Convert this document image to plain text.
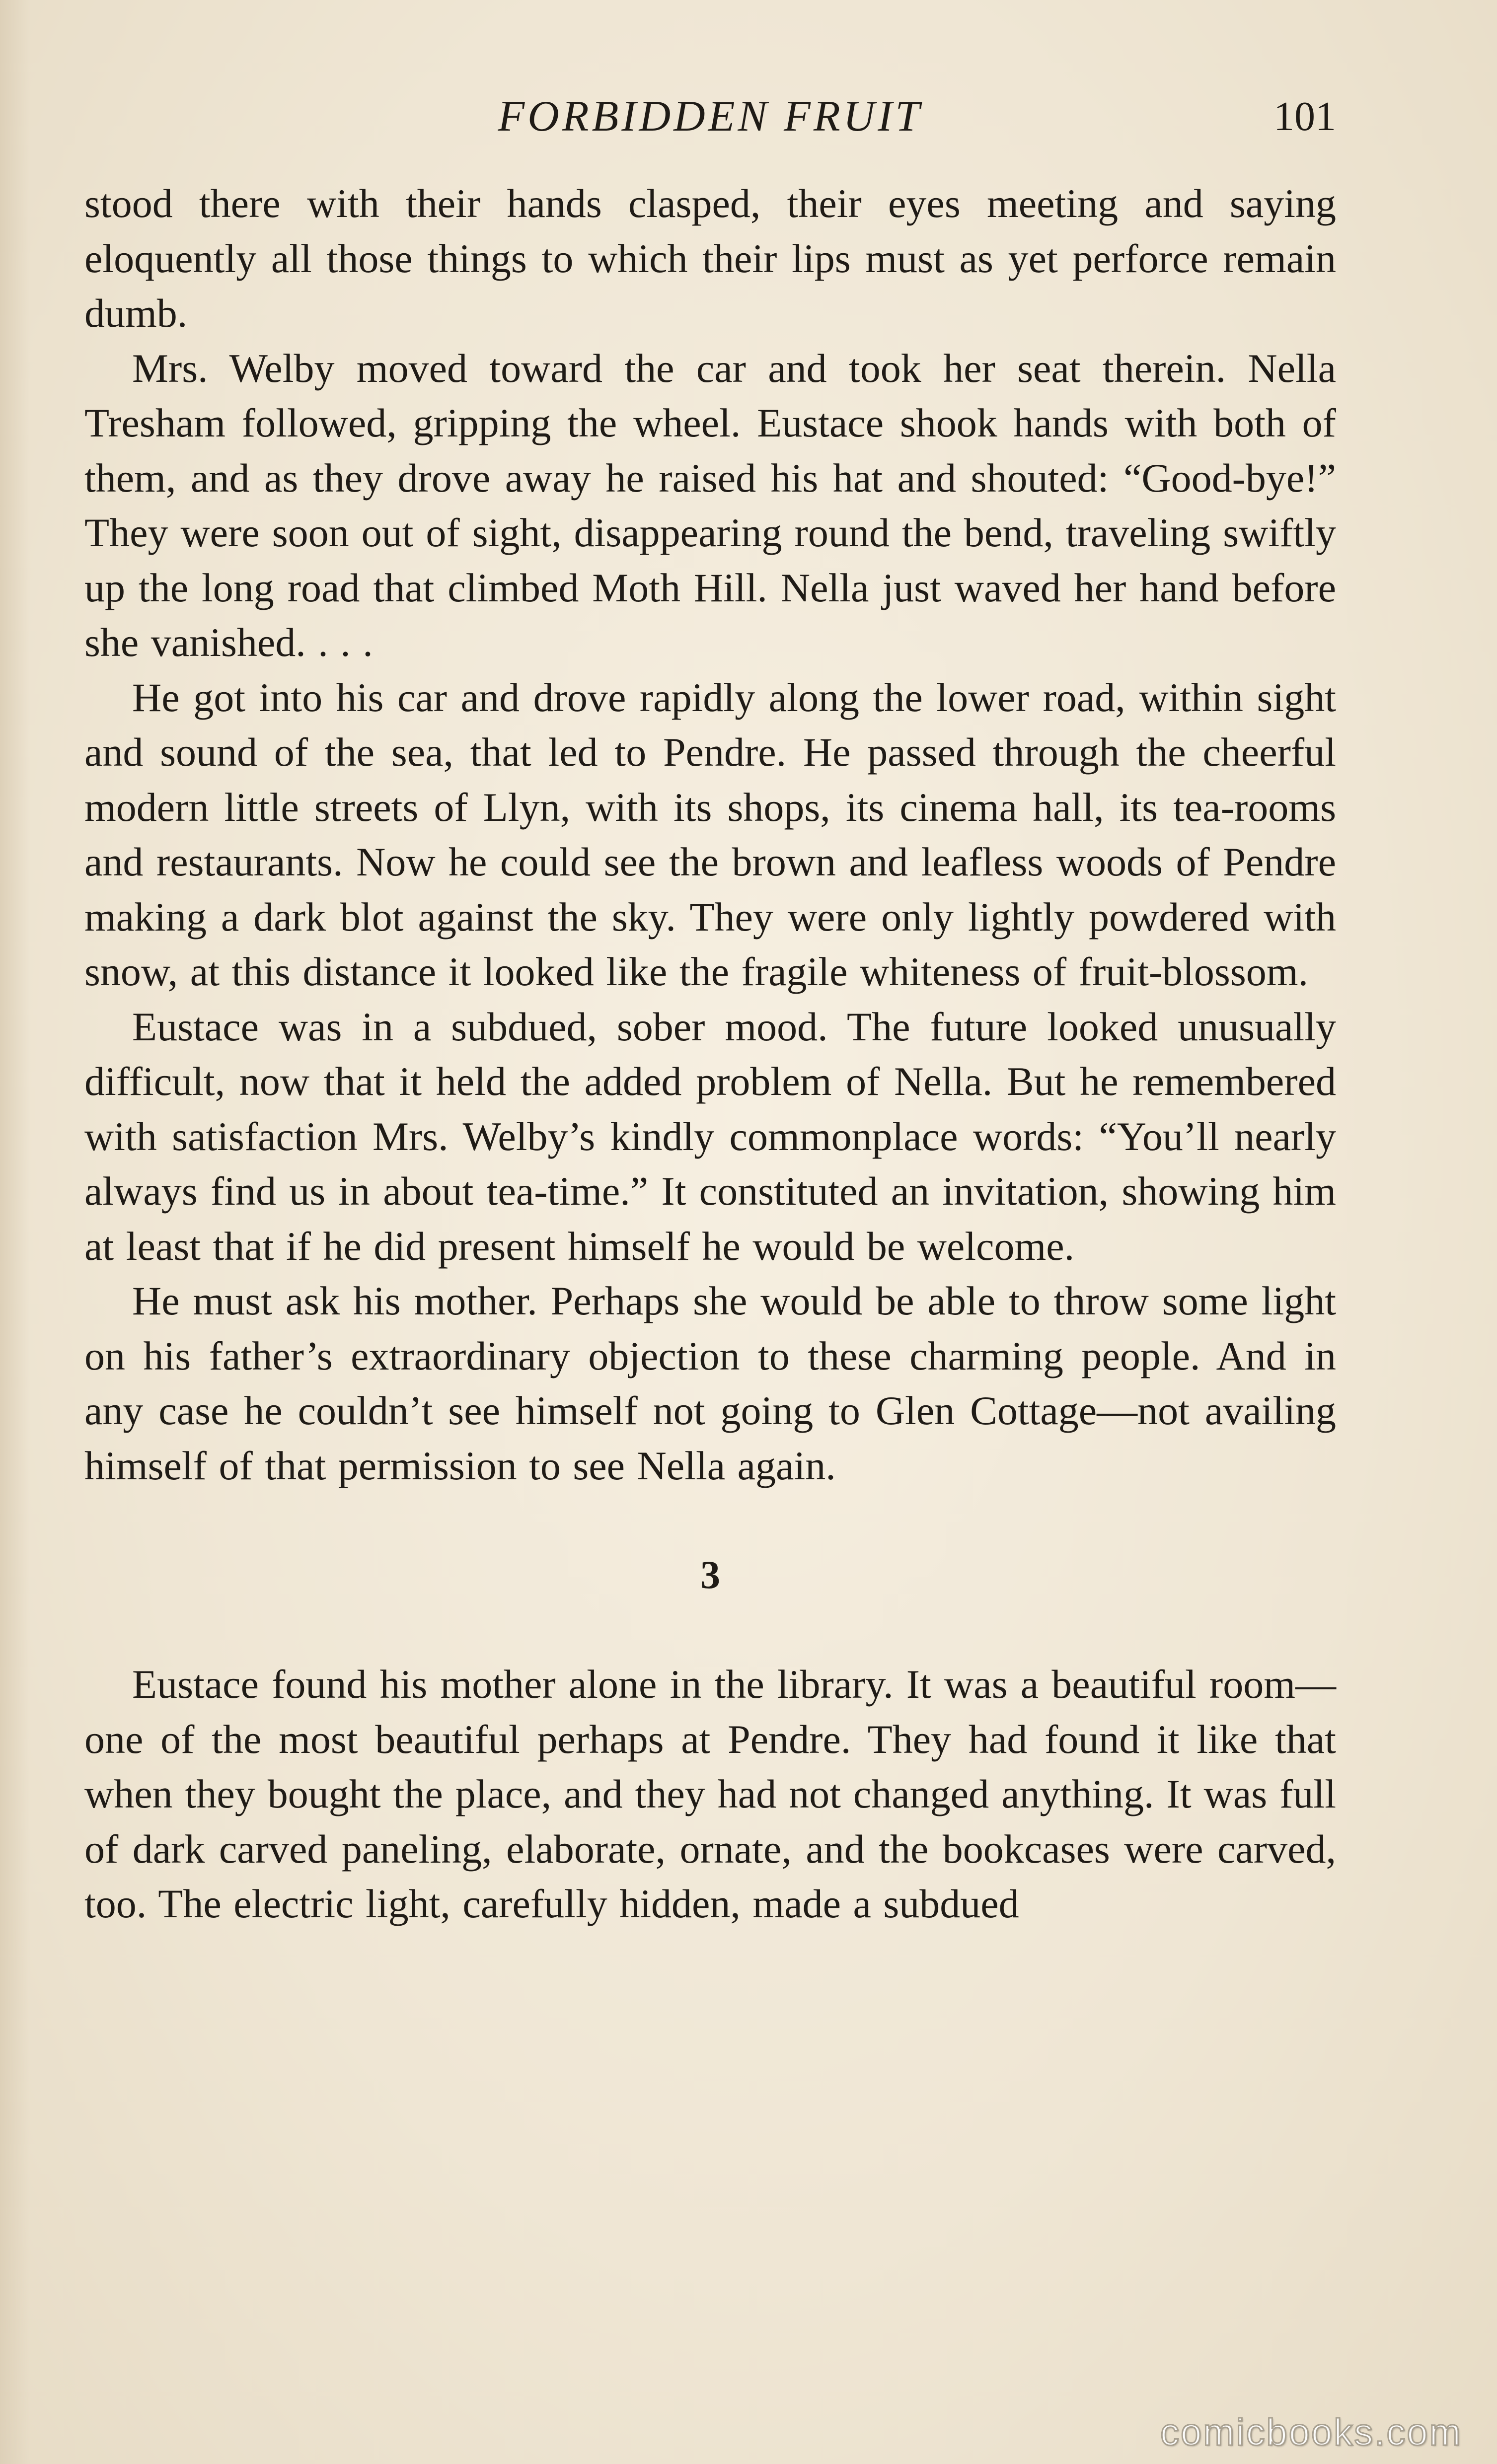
FORBIDDEN FRUIT	101

stood there with their hands clasped, their eyes meeting and saying eloquently all those things to which their lips must as yet perforce remain dumb.

Mrs. Welby moved toward the car and took her seat therein. Nella Tresham followed, gripping the wheel. Eustace shook hands with both of them, and as they drove away he raised his hat and shouted: “Good-bye!” They were soon out of sight, disappearing round the bend, traveling swiftly up the long road that climbed Moth Hill. Nella just waved her hand before she vanished. . . .

He got into his car and drove rapidly along the lower road, within sight and sound of the sea, that led to Pendre. He passed through the cheerful modern little streets of Llyn, with its shops, its cinema hall, its tea-rooms and restaurants. Now he could see the brown and leafless woods of Pendre making a dark blot against the sky. They were only lightly powdered with snow, at this distance it looked like the fragile whiteness of fruit-blossom.

Eustace was in a subdued, sober mood. The future looked unusually difficult, now that it held the added problem of Nella. But he remembered with satisfaction Mrs. Welby’s kindly commonplace words: “You’ll nearly always find us in about tea-time.” It constituted an invitation, showing him at least that if he did present himself he would be welcome.

He must ask his mother. Perhaps she would be able to throw some light on his father’s extraordinary objection to these charming people. And in any case he couldn’t see himself not going to Glen Cottage—not availing himself of that permission to see Nella again.

3

Eustace found his mother alone in the library. It was a beautiful room—one of the most beautiful perhaps at Pendre. They had found it like that when they bought the place, and they had not changed anything. It was full of dark carved paneling, elaborate, ornate, and the bookcases were carved, too. The electric light, carefully hidden, made a subdued

comicbooks.com
